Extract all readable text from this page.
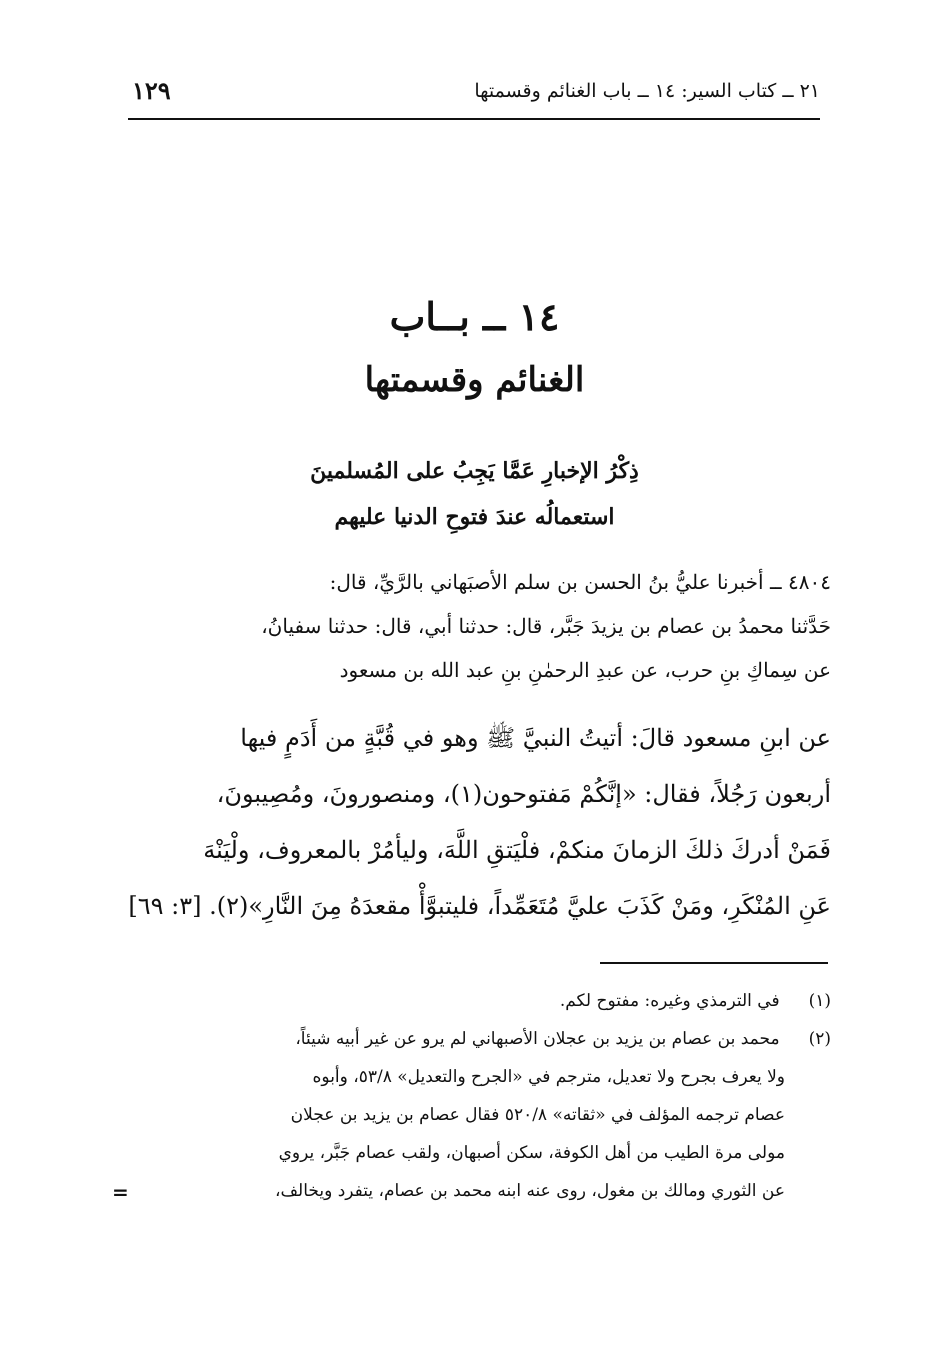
٢١ ــ كتاب السير: ١٤ ــ باب الغنائم وقسمتها
١٢٩
١٤ ــ بــاب
الغنائم وقسمتها
ذِكْرُ الإخبارِ عَمَّا يَجِبُ على المُسلمينَ
استعمالُه عندَ فتوحِ الدنيا عليهم

٤٨٠٤ ــ أخبرنا عليُّ بنُ الحسن بن سلم الأصبَهاني بالرَّيِّ، قال:

حَدَّثنا محمدُ بن عصام بن يزيدَ جَبَّر، قال: حدثنا أبي، قال: حدثنا سفيانُ،

عن سِماكِ بنِ حرب، عن عبدِ الرحمٰنِ بنِ عبد الله بن مسعود

عن ابنِ مسعود قالَ: أتيتُ النبيَّ ﷺ وهو في قُبَّةٍ من أَدَمٍ فيها

أربعون رَجُلاً، فقال: «إنَّكُمْ مَفتوحون(١)، ومنصورونَ، ومُصِيبونَ،

فَمَنْ أدركَ ذلكَ الزمانَ منكمْ، فلْيَتقِ اللَّهَ، وليأمُرْ بالمعروف، ولْيَنْهَ

عَنِ المُنْكَرِ، ومَنْ كَذَبَ عليَّ مُتَعَمِّداً، فليتبوَّأْ مقعدَهُ مِنَ النَّارِ»(٢). [٣: ٦٩]

(١) في الترمذي وغيره: مفتوح لكم.
(٢) محمد بن عصام بن يزيد بن عجلان الأصبهاني لم يرو عن غير أبيه شيئاً،
ولا يعرف بجرح ولا تعديل، مترجم في «الجرح والتعديل» ٥٣/٨، وأبوه
عصام ترجمه المؤلف في «ثقاته» ٥٢٠/٨ فقال عصام بن يزيد بن عجلان
مولى مرة الطيب من أهل الكوفة، سكن أصبهان، ولقب عصام جَبَّر، يروي
عن الثوري ومالك بن مغول، روى عنه ابنه محمد بن عصام، يتفرد ويخالف،
=
